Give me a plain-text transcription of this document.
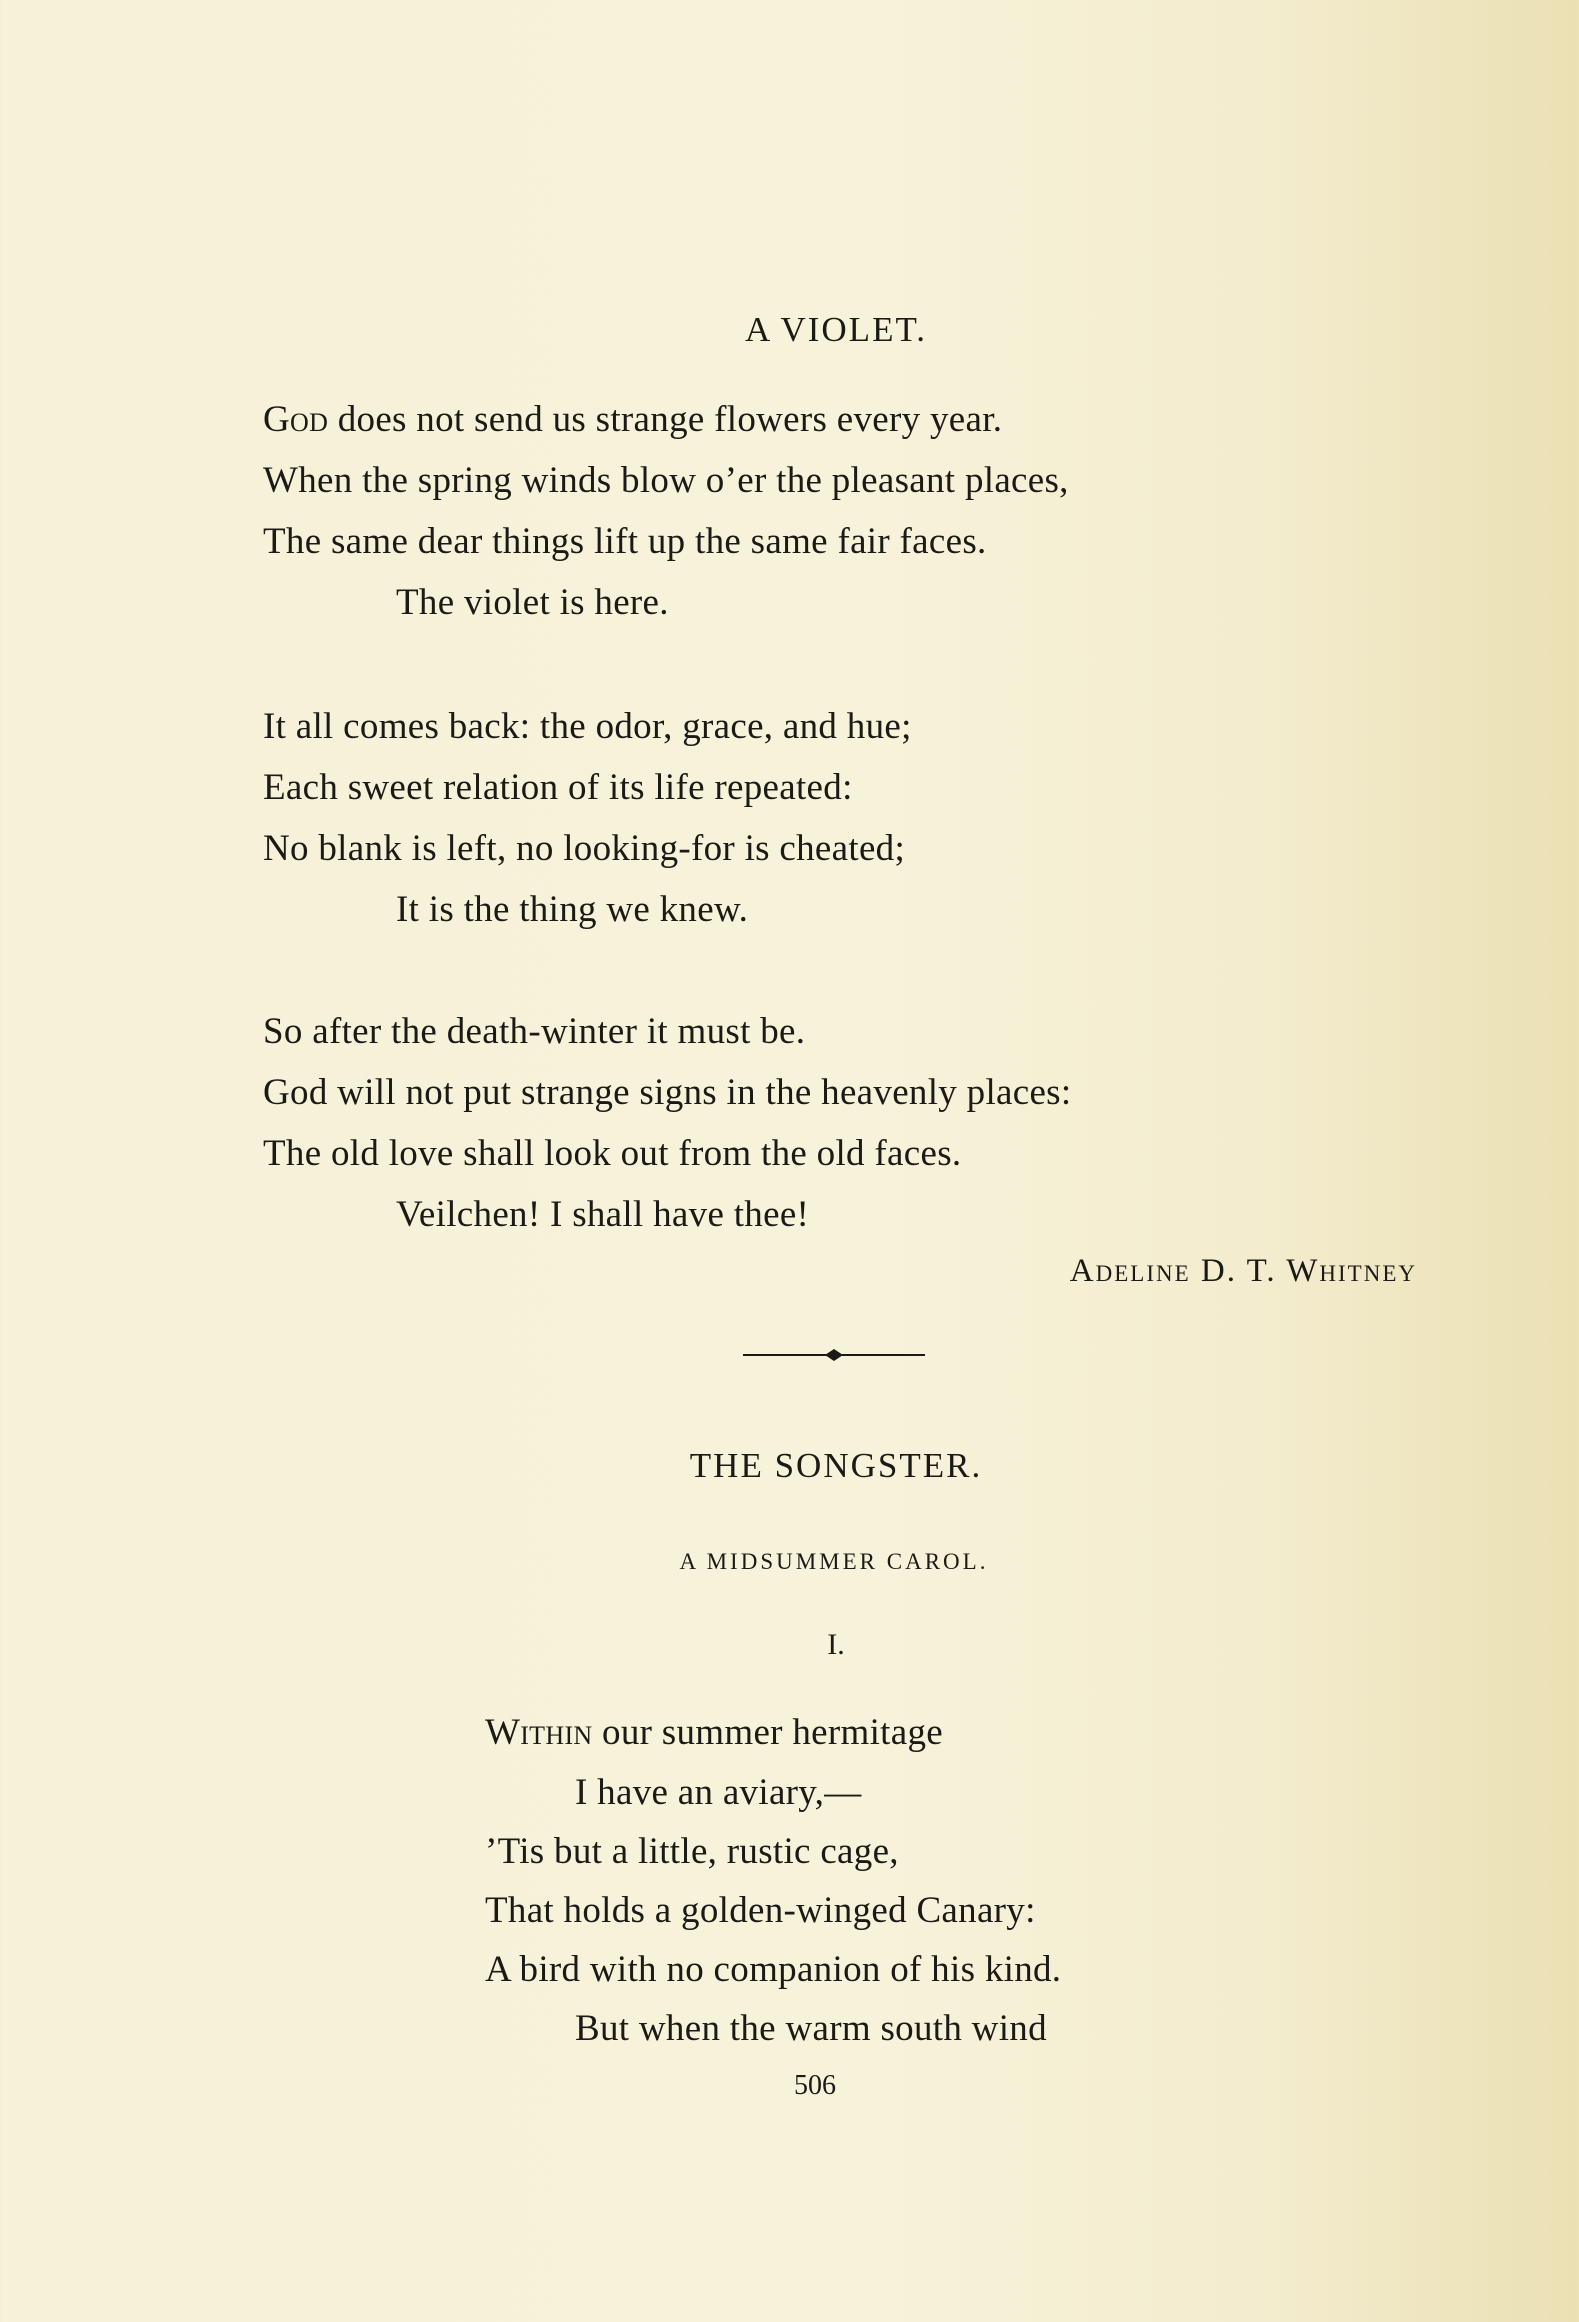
A VIOLET.
God does not send us strange flowers every year.
When the spring winds blow o’er the pleasant places,
The same dear things lift up the same fair faces.
The violet is here.
It all comes back: the odor, grace, and hue;
Each sweet relation of its life repeated:
No blank is left, no looking-for is cheated;
It is the thing we knew.
So after the death-winter it must be.
God will not put strange signs in the heavenly places:
The old love shall look out from the old faces.
Veilchen! I shall have thee!
Adeline D. T. Whitney
THE SONGSTER.
A MIDSUMMER CAROL.
I.
Within our summer hermitage
I have an aviary,—
’Tis but a little, rustic cage,
That holds a golden-winged Canary:
A bird with no companion of his kind.
But when the warm south wind
506
